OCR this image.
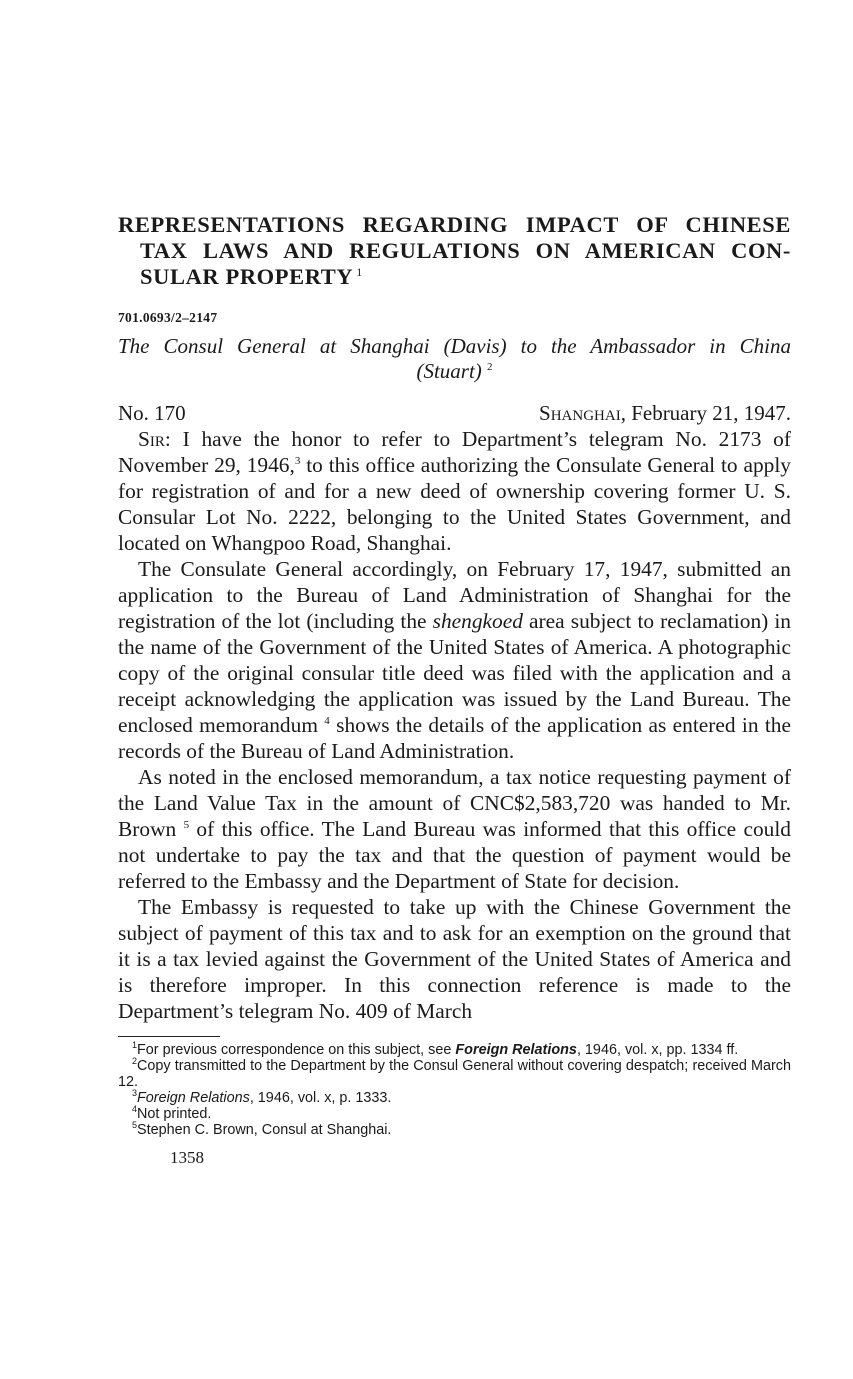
REPRESENTATIONS REGARDING IMPACT OF CHINESE
TAX LAWS AND REGULATIONS ON AMERICAN CON-
SULAR PROPERTY $^1$
701.0693/2–2147
The Consul General at Shanghai (Davis) to the Ambassador in China
(Stuart) $^2$
No. 170	Shanghai, February 21, 1947.

Sir: I have the honor to refer to Department’s telegram No. 2173 of November 29, 1946,$^3$ to this office authorizing the Consulate General to apply for registration of and for a new deed of ownership covering former U. S. Consular Lot No. 2222, belonging to the United States Government, and located on Whangpoo Road, Shanghai.

The Consulate General accordingly, on February 17, 1947, submitted an application to the Bureau of Land Administration of Shanghai for the registration of the lot (including the shengkoed area subject to reclamation) in the name of the Government of the United States of America. A photographic copy of the original consular title deed was filed with the application and a receipt acknowledging the application was issued by the Land Bureau. The enclosed memorandum $^4$ shows the details of the application as entered in the records of the Bureau of Land Administration.

As noted in the enclosed memorandum, a tax notice requesting payment of the Land Value Tax in the amount of CNC$2,583,720 was handed to Mr. Brown $^5$ of this office. The Land Bureau was informed that this office could not undertake to pay the tax and that the question of payment would be referred to the Embassy and the Department of State for decision.

The Embassy is requested to take up with the Chinese Government the subject of payment of this tax and to ask for an exemption on the ground that it is a tax levied against the Government of the United States of America and is therefore improper. In this connection reference is made to the Department’s telegram No. 409 of March

$^1$For previous correspondence on this subject, see Foreign Relations, 1946, vol. x, pp. 1334 ff.

$^2$Copy transmitted to the Department by the Consul General without covering despatch; received March 12.

$^3$Foreign Relations, 1946, vol. x, p. 1333.

$^4$Not printed.

$^5$Stephen C. Brown, Consul at Shanghai.

1358
